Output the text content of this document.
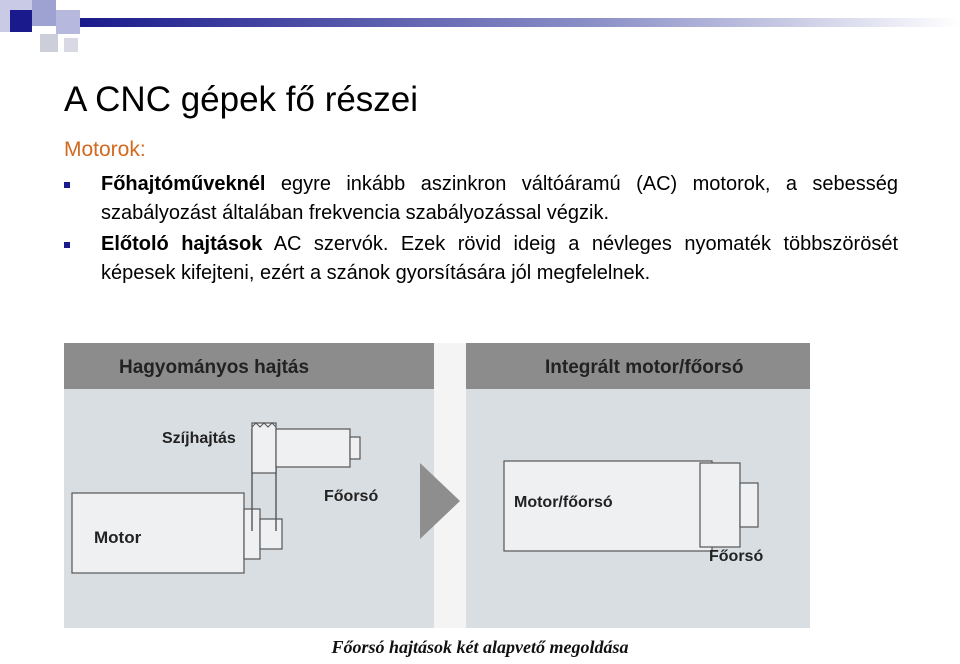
A CNC gépek fő részei
Motorok:
Főhajtóműveknél egyre inkább aszinkron váltóáramú (AC) motorok, a sebesség szabályozást általában frekvencia szabályozással végzik.
Előtoló hajtások AC szervók. Ezek rövid ideig a névleges nyomaték többszörösét képesek kifejteni, ezért a szánok gyorsítására jól megfelelnek.
Hagyományos hajtás	Integrált motor/főorsó
Motor
Szíjhajtás
Főorsó	Motor/főorsó
Főorsó
Főorsó hajtások két alapvető megoldása
